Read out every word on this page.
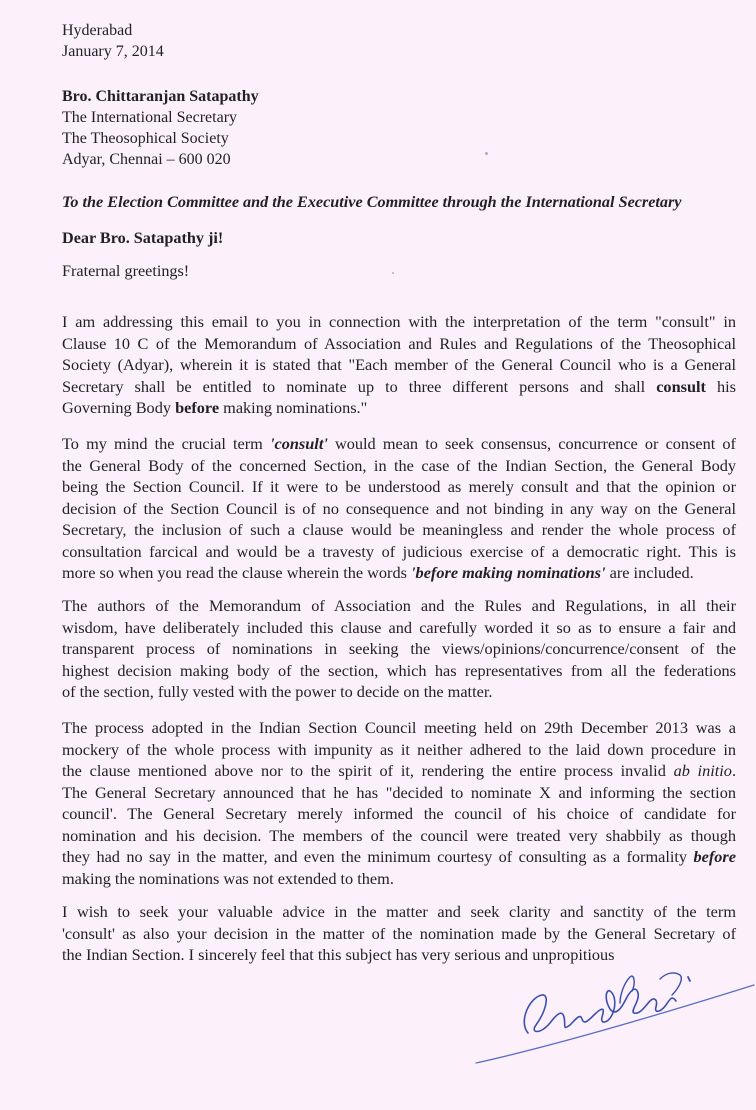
Hyderabad
January 7, 2014
Bro. Chittaranjan Satapathy
The International Secretary
The Theosophical Society
Adyar, Chennai – 600 020
To the Election Committee and the Executive Committee through the International Secretary
Dear Bro. Satapathy ji!
Fraternal greetings!
I am addressing this email to you in connection with the interpretation of the term "consult" in
Clause 10 C of the Memorandum of Association and Rules and Regulations of the Theosophical
Society (Adyar), wherein it is stated that "Each member of the General Council who is a General
Secretary shall be entitled to nominate up to three different persons and shall consult his
Governing Body before making nominations."
To my mind the crucial term 'consult' would mean to seek consensus, concurrence or consent of
the General Body of the concerned Section, in the case of the Indian Section, the General Body
being the Section Council. If it were to be understood as merely consult and that the opinion or
decision of the Section Council is of no consequence and not binding in any way on the General
Secretary, the inclusion of such a clause would be meaningless and render the whole process of
consultation farcical and would be a travesty of judicious exercise of a democratic right. This is
more so when you read the clause wherein the words 'before making nominations' are included.
The authors of the Memorandum of Association and the Rules and Regulations, in all their
wisdom, have deliberately included this clause and carefully worded it so as to ensure a fair and
transparent process of nominations in seeking the views/opinions/concurrence/consent of the
highest decision making body of the section, which has representatives from all the federations
of the section, fully vested with the power to decide on the matter.
The process adopted in the Indian Section Council meeting held on 29th December 2013 was a
mockery of the whole process with impunity as it neither adhered to the laid down procedure in
the clause mentioned above nor to the spirit of it, rendering the entire process invalid ab initio.
The General Secretary announced that he has "decided to nominate X and informing the section
council'. The General Secretary merely informed the council of his choice of candidate for
nomination and his decision. The members of the council were treated very shabbily as though
they had no say in the matter, and even the minimum courtesy of consulting as a formality before
making the nominations was not extended to them.
I wish to seek your valuable advice in the matter and seek clarity and sanctity of the term
'consult' as also your decision in the matter of the nomination made by the General Secretary of
the Indian Section. I sincerely feel that this subject has very serious and unpropitious
